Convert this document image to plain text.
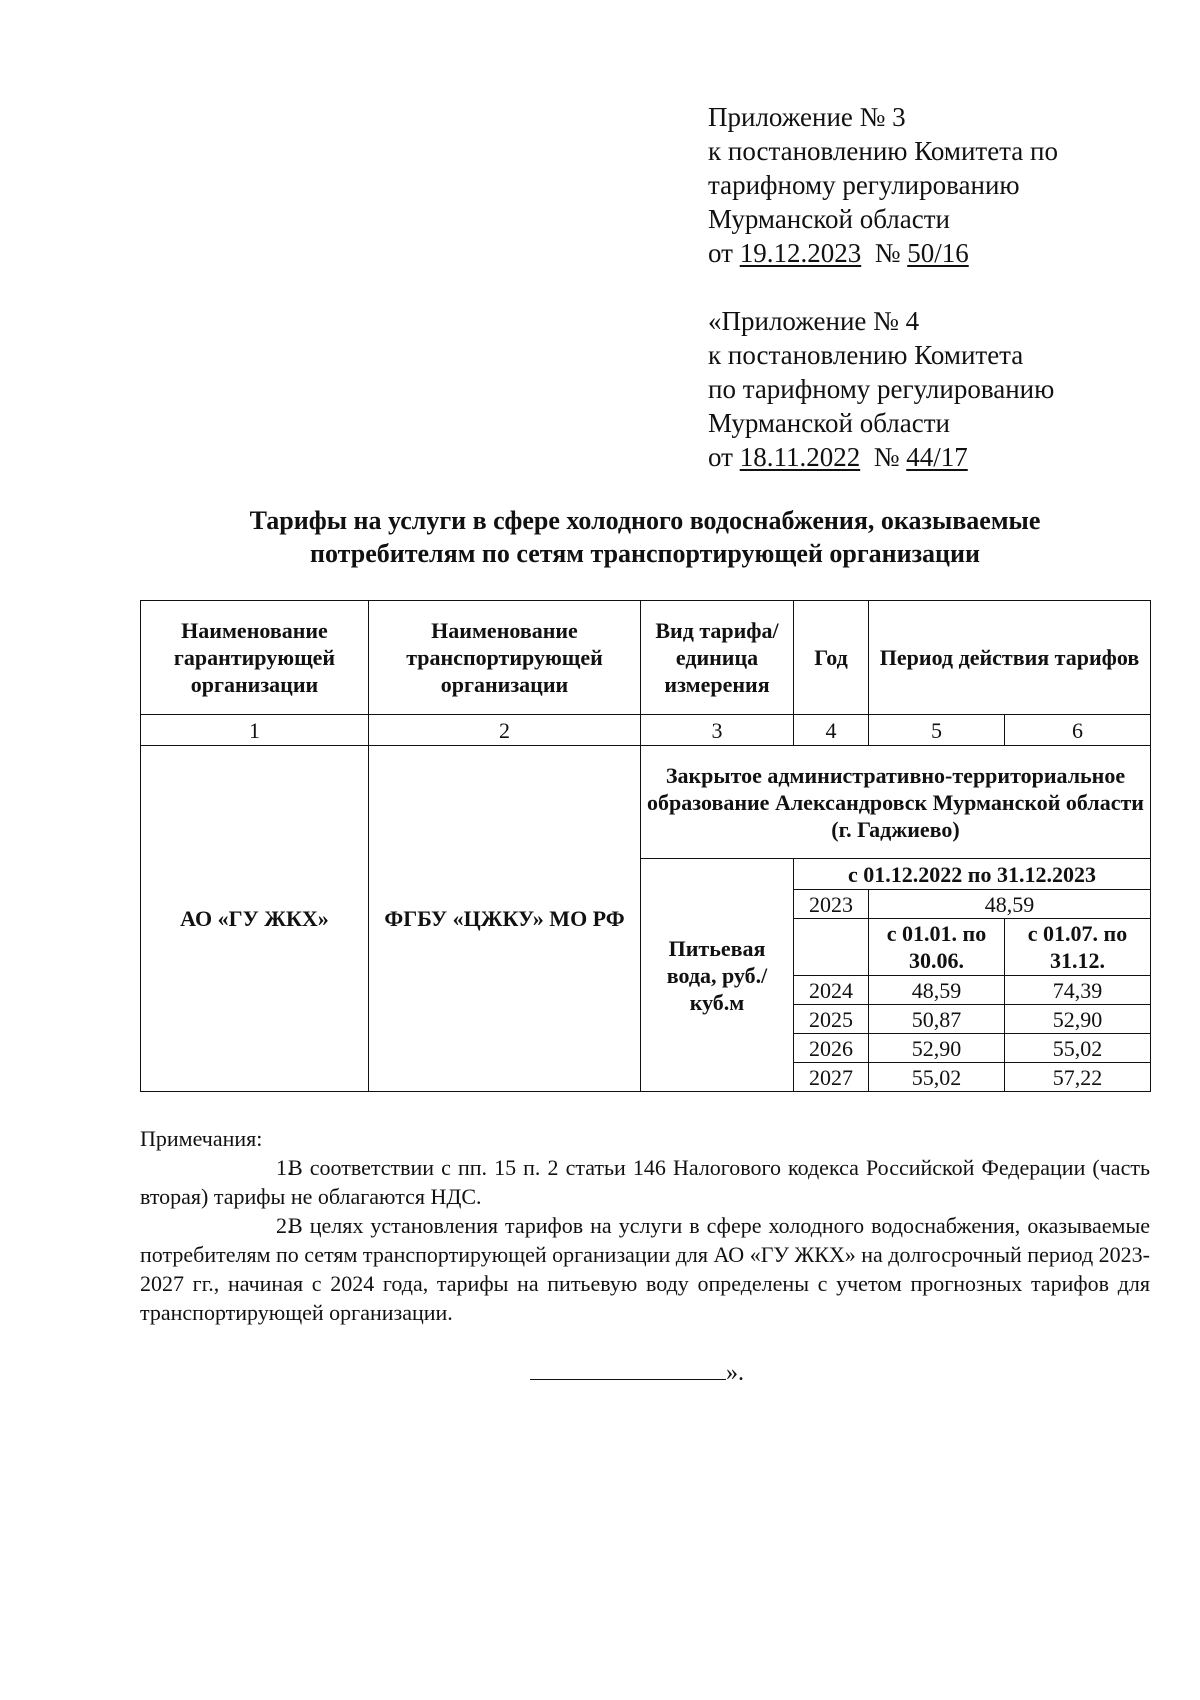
Приложение № 3
к постановлению Комитета по
тарифному регулированию
Мурманской области
от 19.12.2023 № 50/16
«Приложение № 4
к постановлению Комитета
по тарифному регулированию
Мурманской области
от 18.11.2022 № 44/17
Тарифы на услуги в сфере холодного водоснабжения, оказываемые
потребителям по сетям транспортирующей организации
Наименование гарантирующей организации	Наименование транспортирующей организации	Вид тарифа/ единица измерения	Год	Период действия тарифов	
1	2	3	4	5	6
АО «ГУ ЖКХ»	ФГБУ «ЦЖКУ» МО РФ	Закрытое административно-территориальное образование Александровск Мурманской области (г. Гаджиево)			
		Питьевая вода, руб./куб.м	с 01.12.2022 по 31.12.2023		
			2023	48,59	
				с 01.01. по 30.06.	с 01.07. по 31.12.
			2024	48,59	74,39
			2025	50,87	52,90
			2026	52,90	55,02
			2027	55,02	57,22
Примечания:

1.В соответствии с пп. 15 п. 2 статьи 146 Налогового кодекса Российской Федерации (часть вторая) тарифы не облагаются НДС.

2.В целях установления тарифов на услуги в сфере холодного водоснабжения, оказываемые потребителям по сетям транспортирующей организации для АО «ГУ ЖКХ» на долгосрочный период 2023-2027 гг., начиная с 2024 года, тарифы на питьевую воду определены с учетом прогнозных тарифов для транспортирующей организации.

».
